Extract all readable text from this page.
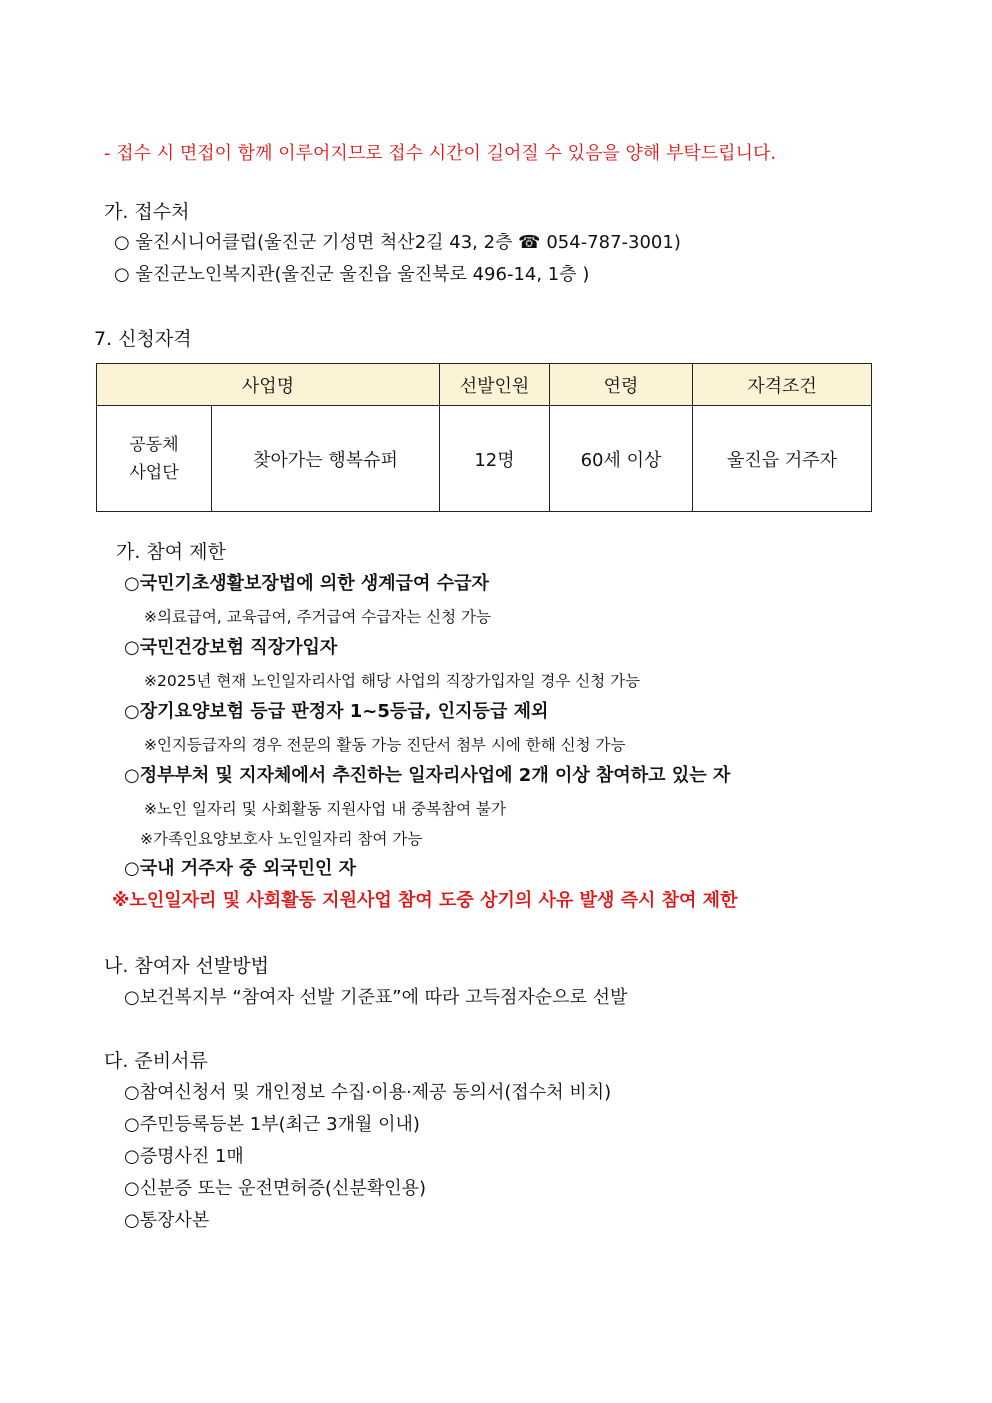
- 접수 시 면접이 함께 이루어지므로 접수 시간이 길어질 수 있음을 양해 부탁드립니다.
가. 접수처
○ 울진시니어클럽(울진군 기성면 척산2길 43, 2층 ☎ 054-787-3001)
○ 울진군노인복지관(울진군 울진읍 울진북로 496-14, 1층 )
7. 신청자격
사업명		선발인원	연령	자격조건

공동체
사업단	찾아가는 행복슈퍼	12명	60세 이상	울진읍 거주자
가. 참여 제한
○국민기초생활보장법에 의한 생계급여 수급자
※의료급여, 교육급여, 주거급여 수급자는 신청 가능
○국민건강보험 직장가입자
※2025년 현재 노인일자리사업 해당 사업의 직장가입자일 경우 신청 가능
○장기요양보험 등급 판정자 1~5등급, 인지등급 제외
※인지등급자의 경우 전문의 활동 가능 진단서 첨부 시에 한해 신청 가능
○정부부처 및 지자체에서 추진하는 일자리사업에 2개 이상 참여하고 있는 자
※노인 일자리 및 사회활동 지원사업 내 중복참여 불가
※가족인요양보호사 노인일자리 참여 가능
○국내 거주자 중 외국민인 자
※노인일자리 및 사회활동 지원사업 참여 도중 상기의 사유 발생 즉시 참여 제한
나. 참여자 선발방법
○보건복지부 “참여자 선발 기준표”에 따라 고득점자순으로 선발
다. 준비서류
○참여신청서 및 개인정보 수집·이용·제공 동의서(접수처 비치)
○주민등록등본 1부(최근 3개월 이내)
○증명사진 1매
○신분증 또는 운전면허증(신분확인용)
○통장사본
